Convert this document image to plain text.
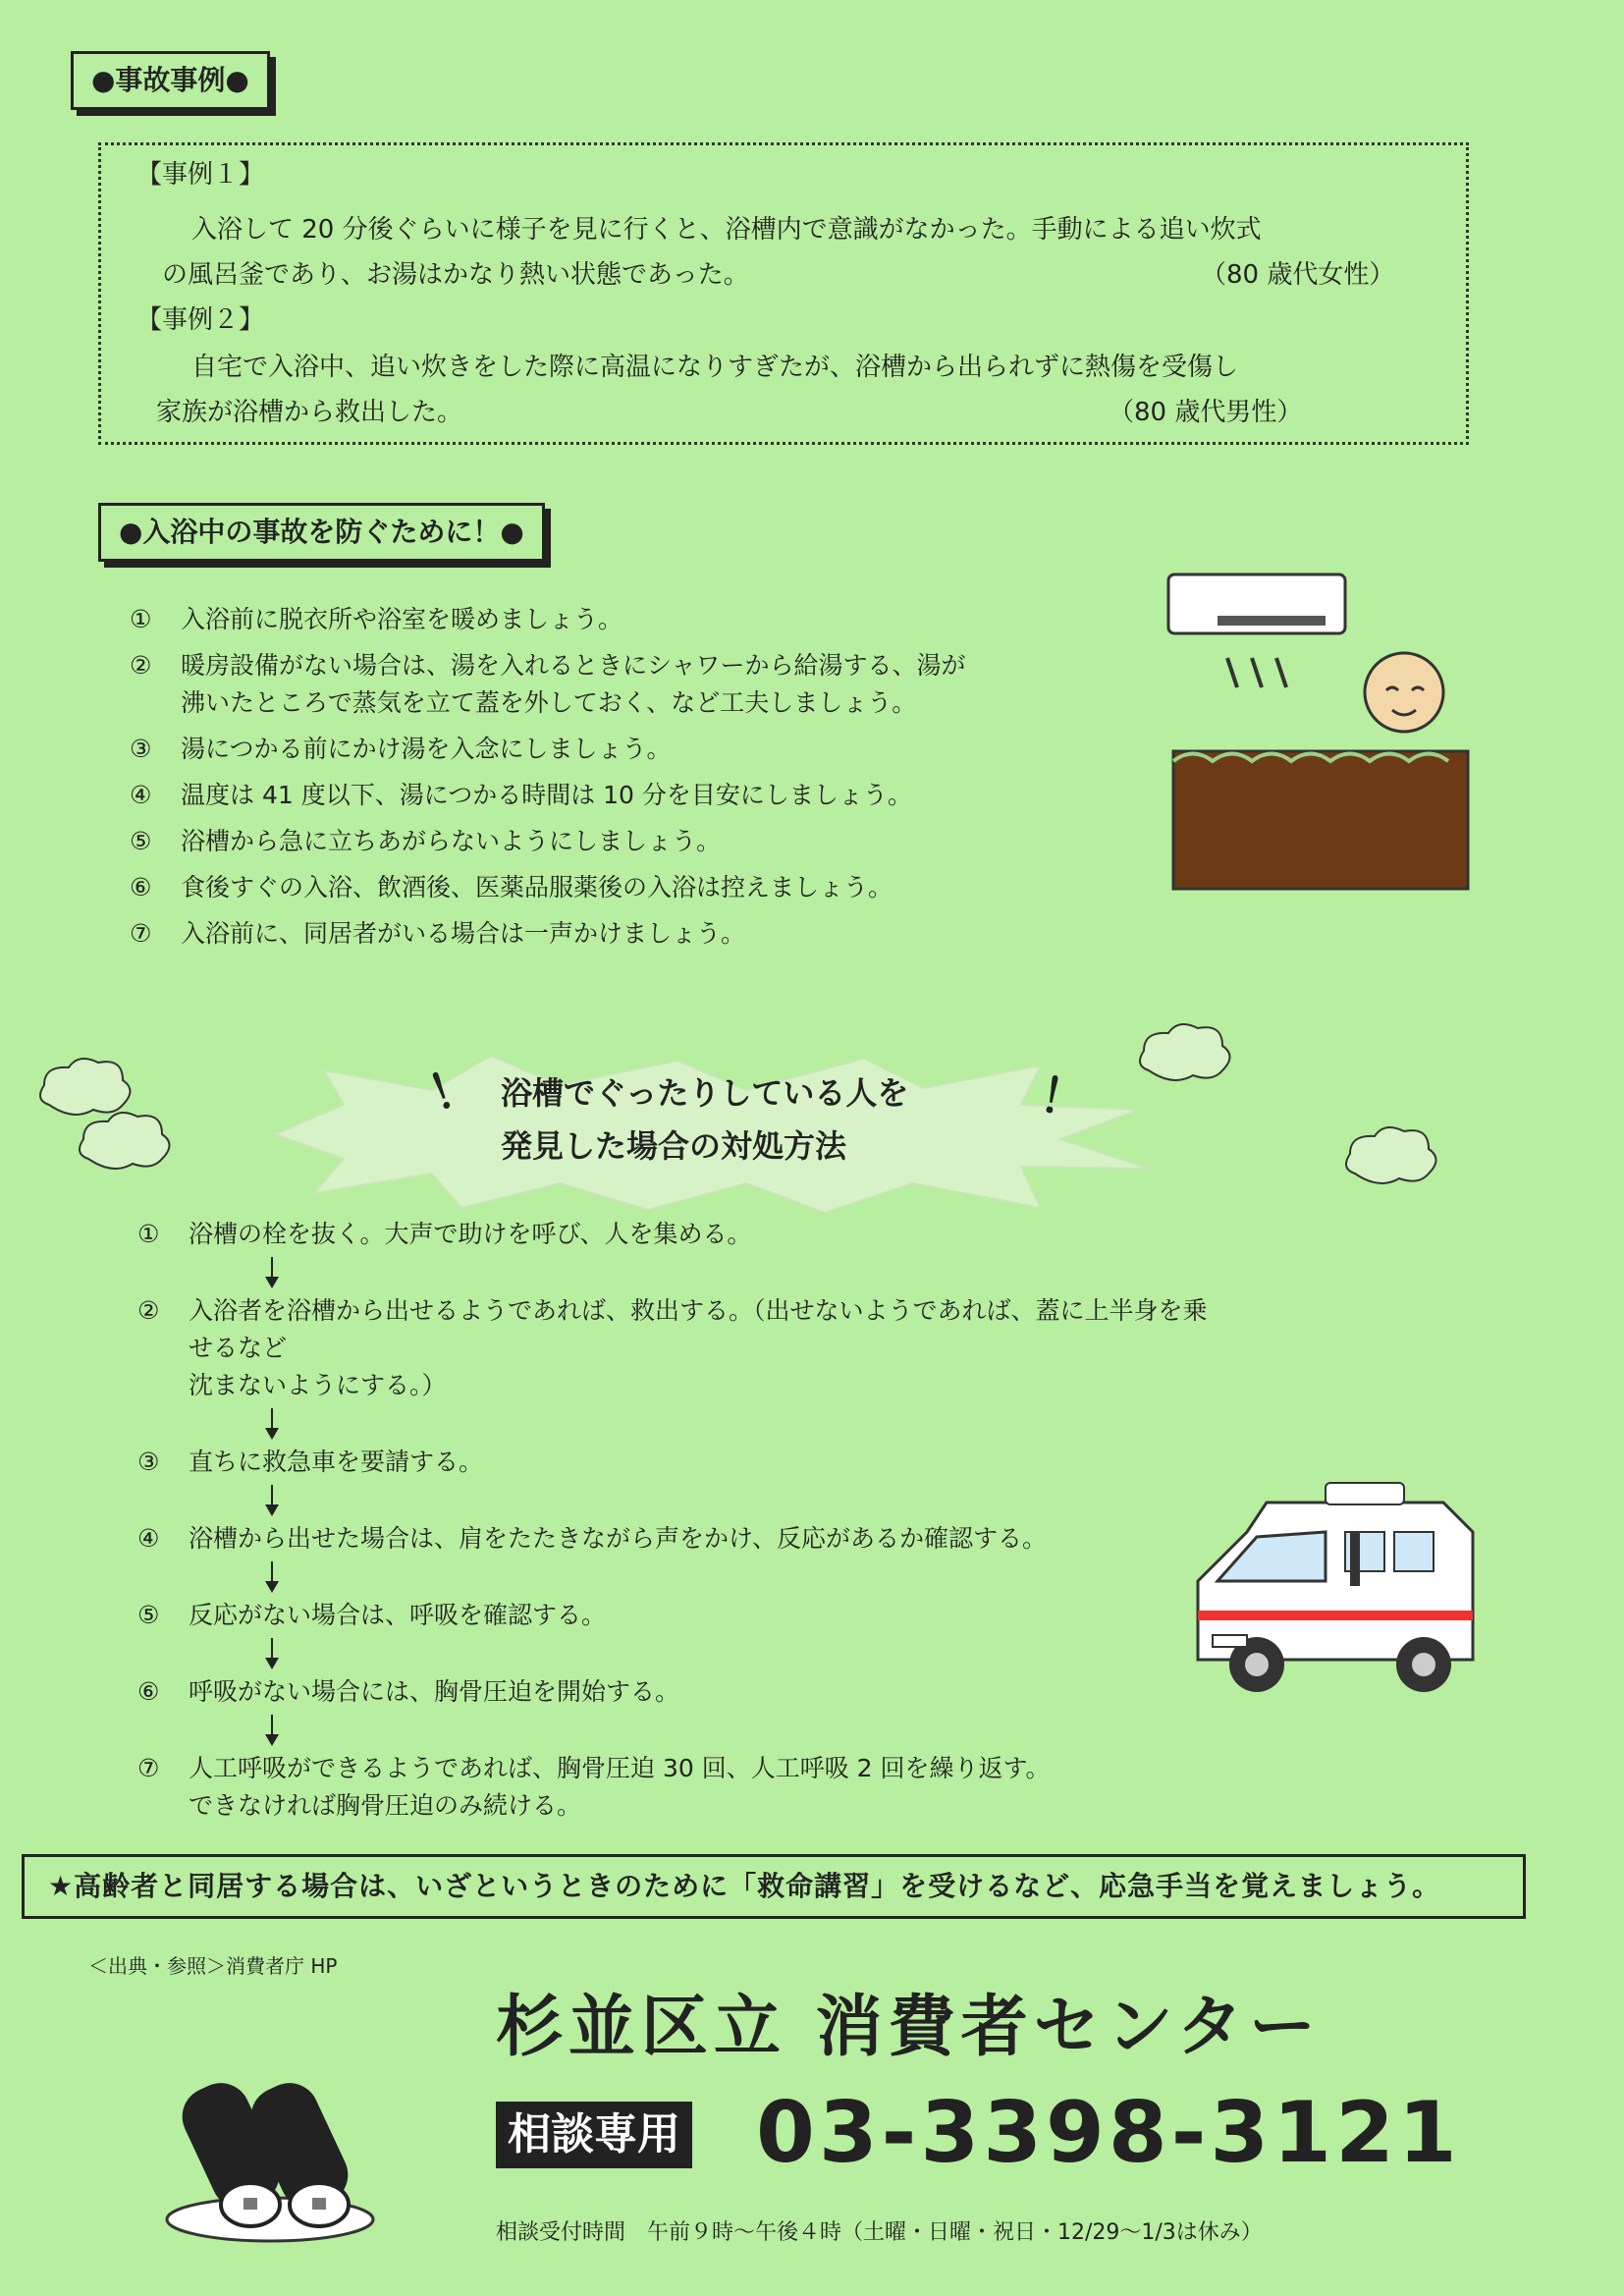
●事故事例●
【事例１】
入浴して 20 分後ぐらいに様子を見に行くと、浴槽内で意識がなかった。手動による追い炊式
の風呂釜であり、お湯はかなり熱い状態であった。	（80 歳代女性）
【事例２】
自宅で入浴中、追い炊きをした際に高温になりすぎたが、浴槽から出られずに熱傷を受傷し
家族が浴槽から救出した。	（80 歳代男性）
●入浴中の事故を防ぐために！●
① 入浴前に脱衣所や浴室を暖めましょう。
② 暖房設備がない場合は、湯を入れるときにシャワーから給湯する、湯が
沸いたところで蒸気を立て蓋を外しておく、など工夫しましょう。
③ 湯につかる前にかけ湯を入念にしましょう。
④ 温度は 41 度以下、湯につかる時間は 10 分を目安にしましょう。
⑤ 浴槽から急に立ちあがらないようにしましょう。
⑥ 食後すぐの入浴、飲酒後、医薬品服薬後の入浴は控えましょう。
⑦ 入浴前に、同居者がいる場合は一声かけましょう。
！	！
浴槽でぐったりしている人を
発見した場合の対処方法
① 浴槽の栓を抜く。大声で助けを呼び、人を集める。
② 入浴者を浴槽から出せるようであれば、救出する。（出せないようであれば、蓋に上半身を乗せるなど
沈まないようにする。）
③ 直ちに救急車を要請する。
④ 浴槽から出せた場合は、肩をたたきながら声をかけ、反応があるか確認する。
⑤ 反応がない場合は、呼吸を確認する。
⑥ 呼吸がない場合には、胸骨圧迫を開始する。
⑦ 人工呼吸ができるようであれば、胸骨圧迫 30 回、人工呼吸 2 回を繰り返す。
できなければ胸骨圧迫のみ続ける。
★高齢者と同居する場合は、いざというときのために「救命講習」を受けるなど、応急手当を覚えましょう。
＜出典・参照＞消費者庁 HP
杉並区立 消費者センター
相談専用 03-3398-3121
相談受付時間　午前９時～午後４時（土曜・日曜・祝日・12/29～1/3は休み）
